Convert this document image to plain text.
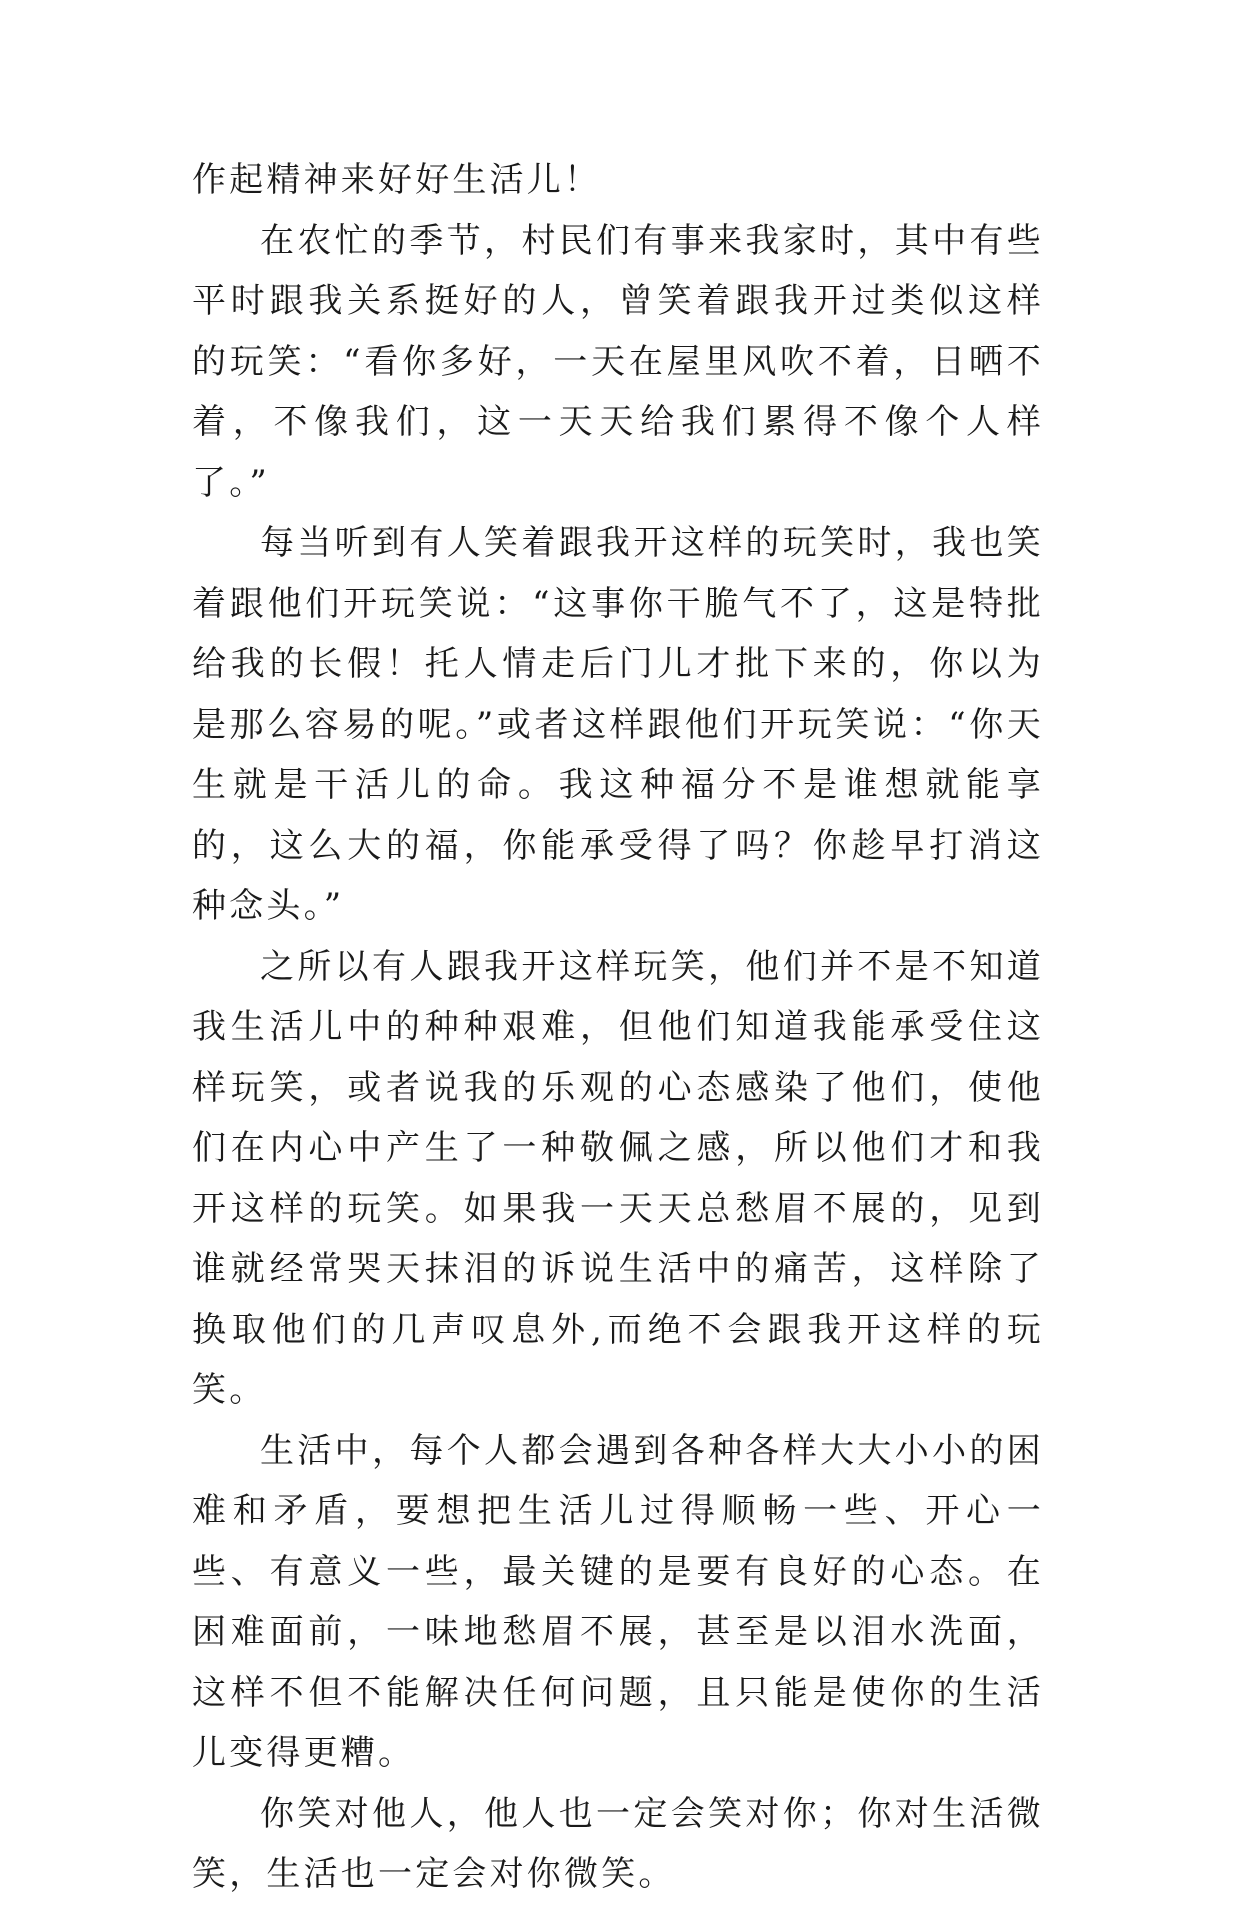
作起精神来好好生活儿！

在农忙的季节，村民们有事来我家时，其中有些平时跟我关系挺好的人，曾笑着跟我开过类似这样的玩笑：“看你多好，一天在屋里风吹不着，日晒不着，不像我们，这一天天给我们累得不像个人样了。”

每当听到有人笑着跟我开这样的玩笑时，我也笑着跟他们开玩笑说：“这事你干脆气不了，这是特批给我的长假！托人情走后门儿才批下来的，你以为是那么容易的呢。”或者这样跟他们开玩笑说：“你天生就是干活儿的命。我这种福分不是谁想就能享的，这么大的福，你能承受得了吗？你趁早打消这种念头。”

之所以有人跟我开这样玩笑，他们并不是不知道我生活儿中的种种艰难，但他们知道我能承受住这样玩笑，或者说我的乐观的心态感染了他们，使他们在内心中产生了一种敬佩之感，所以他们才和我开这样的玩笑。如果我一天天总愁眉不展的，见到谁就经常哭天抹泪的诉说生活中的痛苦，这样除了换取他们的几声叹息外,而绝不会跟我开这样的玩笑。

生活中，每个人都会遇到各种各样大大小小的困难和矛盾，要想把生活儿过得顺畅一些、开心一些、有意义一些，最关键的是要有良好的心态。在困难面前，一味地愁眉不展，甚至是以泪水洗面，这样不但不能解决任何问题，且只能是使你的生活儿变得更糟。

你笑对他人，他人也一定会笑对你；你对生活微笑，生活也一定会对你微笑。
